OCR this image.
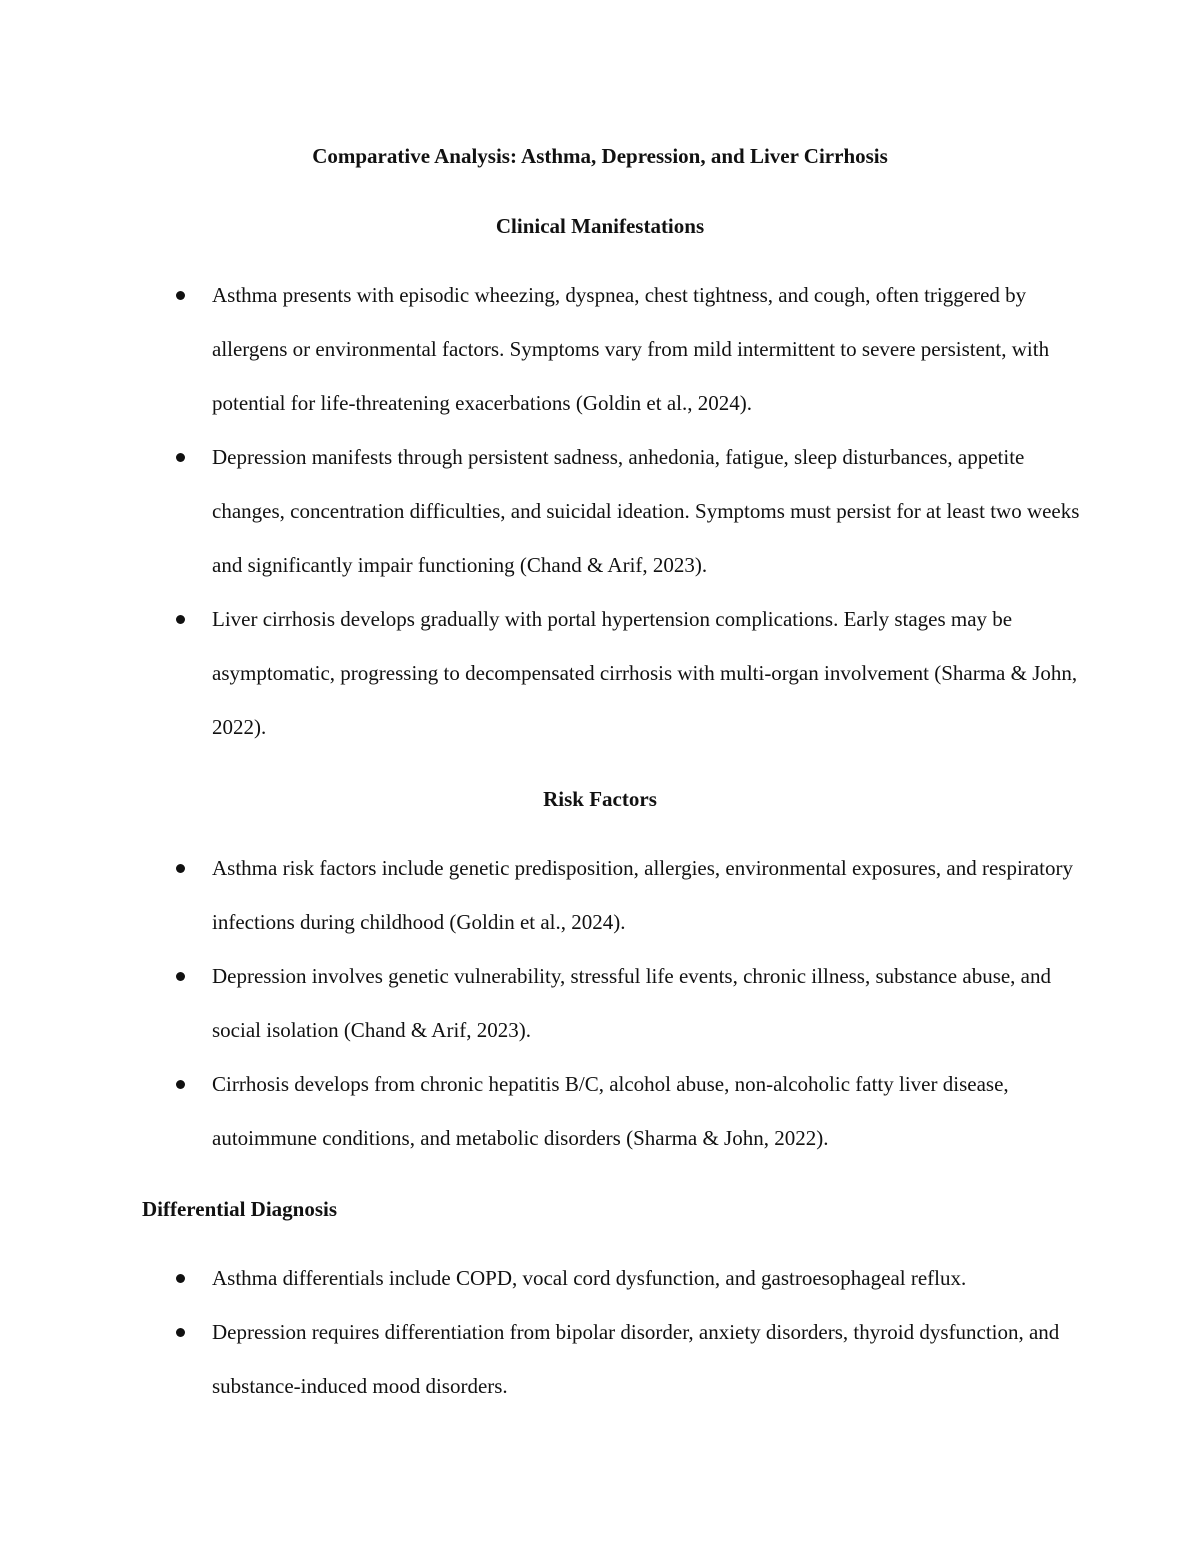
Comparative Analysis: Asthma, Depression, and Liver Cirrhosis
Clinical Manifestations
Asthma presents with episodic wheezing, dyspnea, chest tightness, and cough, often triggered by allergens or environmental factors. Symptoms vary from mild intermittent to severe persistent, with potential for life-threatening exacerbations (Goldin et al., 2024).
Depression manifests through persistent sadness, anhedonia, fatigue, sleep disturbances, appetite changes, concentration difficulties, and suicidal ideation. Symptoms must persist for at least two weeks and significantly impair functioning (Chand & Arif, 2023).
Liver cirrhosis develops gradually with portal hypertension complications. Early stages may be asymptomatic, progressing to decompensated cirrhosis with multi-organ involvement (Sharma & John, 2022).
Risk Factors
Asthma risk factors include genetic predisposition, allergies, environmental exposures, and respiratory infections during childhood (Goldin et al., 2024).
Depression involves genetic vulnerability, stressful life events, chronic illness, substance abuse, and social isolation (Chand & Arif, 2023).
Cirrhosis develops from chronic hepatitis B/C, alcohol abuse, non-alcoholic fatty liver disease, autoimmune conditions, and metabolic disorders (Sharma & John, 2022).
Differential Diagnosis
Asthma differentials include COPD, vocal cord dysfunction, and gastroesophageal reflux.
Depression requires differentiation from bipolar disorder, anxiety disorders, thyroid dysfunction, and substance-induced mood disorders.
